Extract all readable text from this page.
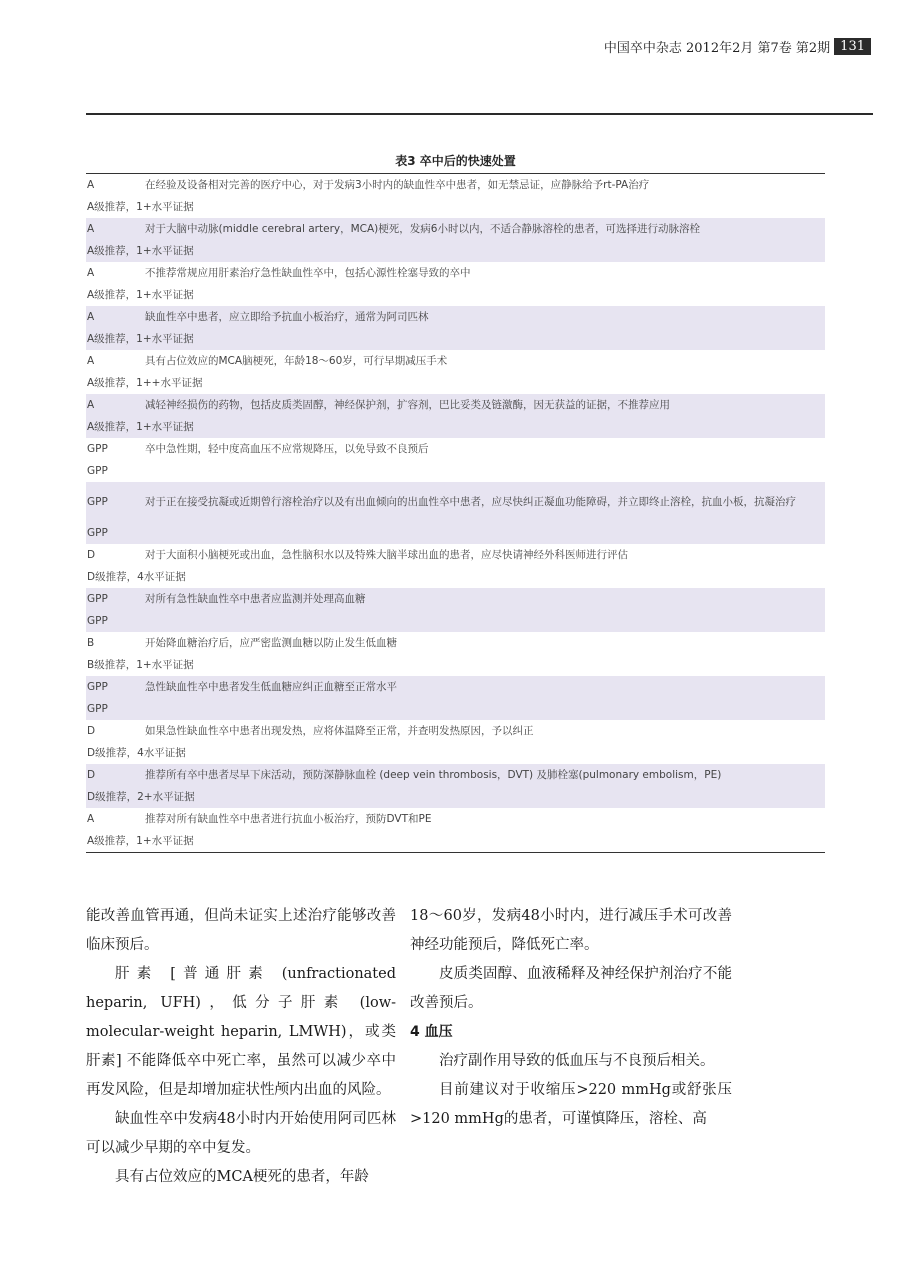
中国卒中杂志 2012年2月 第7卷 第2期 131
表3 卒中后的快速处置
A	在经验及设备相对完善的医疗中心，对于发病3小时内的缺血性卒中患者，如无禁忌证，应静脉给予rt-PA治疗
A级推荐，1+水平证据
A	对于大脑中动脉(middle cerebral artery，MCA)梗死，发病6小时以内，不适合静脉溶栓的患者，可选择进行动脉溶栓
A级推荐，1+水平证据
A	不推荐常规应用肝素治疗急性缺血性卒中，包括心源性栓塞导致的卒中
A级推荐，1+水平证据
A	缺血性卒中患者，应立即给予抗血小板治疗，通常为阿司匹林
A级推荐，1+水平证据
A	具有占位效应的MCA脑梗死，年龄18～60岁，可行早期减压手术
A级推荐，1++水平证据
A	减轻神经损伤的药物，包括皮质类固醇，神经保护剂，扩容剂，巴比妥类及链激酶，因无获益的证据，不推荐应用
A级推荐，1+水平证据
GPP	卒中急性期，轻中度高血压不应常规降压，以免导致不良预后
GPP
GPP	对于正在接受抗凝或近期曾行溶栓治疗以及有出血倾向的出血性卒中患者，应尽快纠正凝血功能障碍，并立即终止溶栓，抗血小板，抗凝治疗
GPP
D	对于大面积小脑梗死或出血，急性脑积水以及特殊大脑半球出血的患者，应尽快请神经外科医师进行评估
D级推荐，4水平证据
GPP	对所有急性缺血性卒中患者应监测并处理高血糖
GPP
B	开始降血糖治疗后，应严密监测血糖以防止发生低血糖
B级推荐，1+水平证据
GPP	急性缺血性卒中患者发生低血糖应纠正血糖至正常水平
GPP
D	如果急性缺血性卒中患者出现发热，应将体温降至正常，并查明发热原因，予以纠正
D级推荐，4水平证据
D	推荐所有卒中患者尽早下床活动，预防深静脉血栓 (deep vein thrombosis，DVT) 及肺栓塞(pulmonary embolism，PE)
D级推荐，2+水平证据
A	推荐对所有缺血性卒中患者进行抗血小板治疗，预防DVT和PE
A级推荐，1+水平证据

能改善血管再通，但尚未证实上述治疗能够改善临床预后。

肝素 [普通肝素 (unfractionated heparin, UFH)，低分子肝素 (low-molecular-weight heparin, LMWH)，或类肝素] 不能降低卒中死亡率，虽然可以减少卒中再发风险，但是却增加症状性颅内出血的风险。

缺血性卒中发病48小时内开始使用阿司匹林可以减少早期的卒中复发。

具有占位效应的MCA梗死的患者，年龄

18～60岁，发病48小时内，进行减压手术可改善神经功能预后，降低死亡率。

皮质类固醇、血液稀释及神经保护剂治疗不能改善预后。

4 血压

治疗副作用导致的低血压与不良预后相关。

目前建议对于收缩压>220 mmHg或舒张压>120 mmHg的患者，可谨慎降压，溶栓、高
